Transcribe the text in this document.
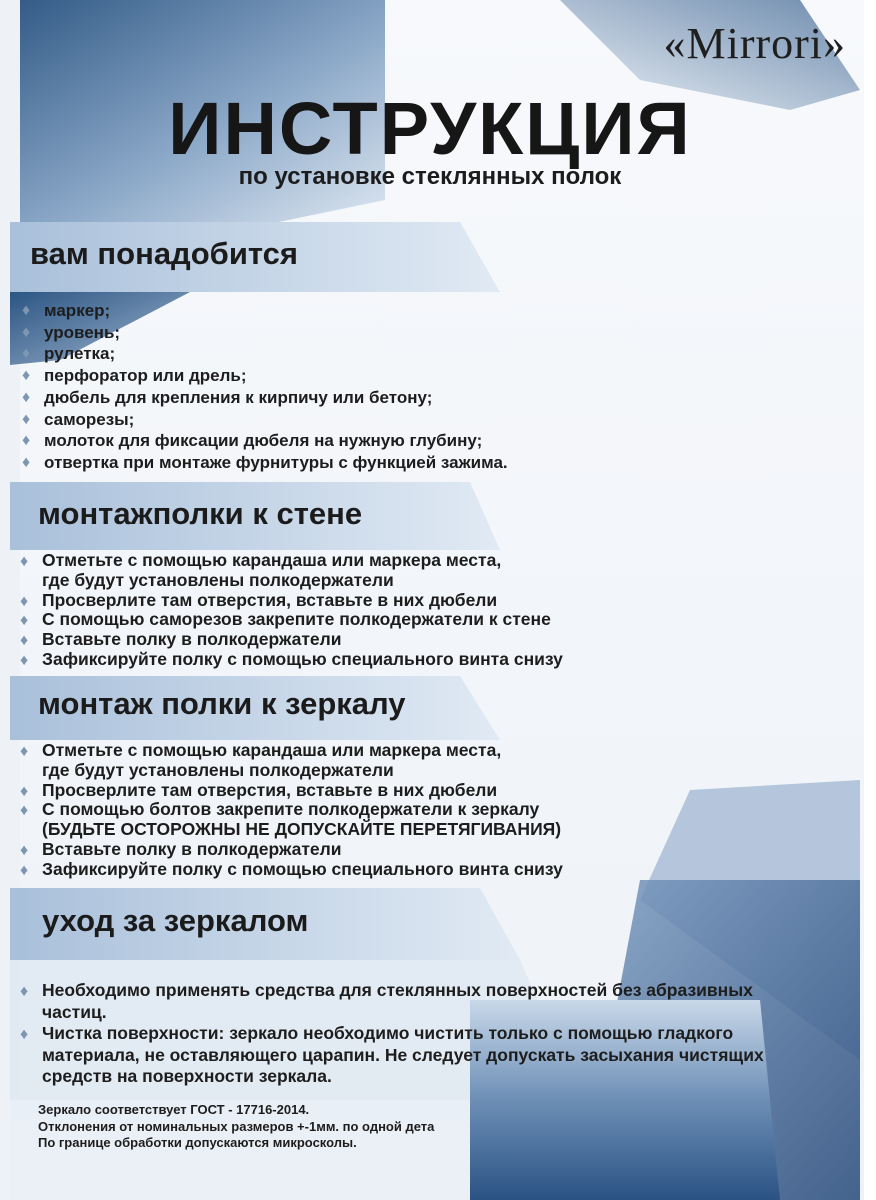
«Mirrori»
ИНСТРУКЦИЯ
по установке стеклянных полок
вам понадобится
♦ маркер;
♦ уровень;
♦ рулетка;
♦ перфоратор или дрель;
♦ дюбель для крепления к кирпичу или бетону;
♦ саморезы;
♦ молоток для фиксации дюбеля на нужную глубину;
♦ отвертка при монтаже фурнитуры с функцией зажима.
монтажполки к стене
♦ Отметьте с помощью карандаша или маркера места,
где будут установлены полкодержатели
♦ Просверлите там отверстия, вставьте в них дюбели
♦ С помощью саморезов закрепите полкодержатели к стене
♦ Вставьте полку в полкодержатели
♦ Зафиксируйте полку с помощью специального винта снизу
монтаж полки к зеркалу
♦ Отметьте с помощью карандаша или маркера места,
где будут установлены полкодержатели
♦ Просверлите там отверстия, вставьте в них дюбели
♦ С помощью болтов закрепите полкодержатели к зеркалу
(БУДЬТЕ ОСТОРОЖНЫ НЕ ДОПУСКАЙТЕ ПЕРЕТЯГИВАНИЯ)
♦ Вставьте полку в полкодержатели
♦ Зафиксируйте полку с помощью специального винта снизу
уход за зеркалом
♦ Необходимо применять средства для стеклянных поверхностей без абразивных
частиц.
♦ Чистка поверхности: зеркало необходимо чистить только с помощью гладкого
материала, не оставляющего царапин. Не следует допускать засыхания чистящих
средств на поверхности зеркала.
Зеркало соответствует ГОСТ - 17716-2014.
Отклонения от номинальных размеров +-1мм. по одной дета
По границе обработки допускаются микросколы.
